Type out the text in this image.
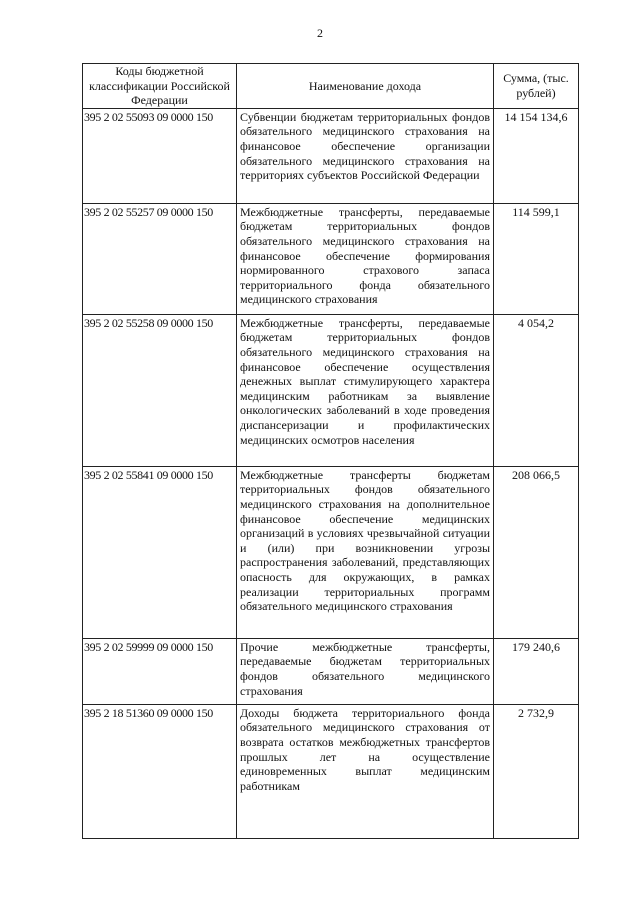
2
Коды бюджетной классификации Российской Федерации	Наименование дохода	Сумма, (тыс. рублей)
395 2 02 55093 09 0000 150	Субвенции бюджетам территориальных фондов обязательного медицинского страхования на финансовое обеспечение организации обязательного медицинского страхования на территориях субъектов Российской Федерации	14 154 134,6
395 2 02 55257 09 0000 150	Межбюджетные трансферты, передаваемые бюджетам территориальных фондов обязательного медицинского страхования на финансовое обеспечение формирования нормированного страхового запаса территориального фонда обязательного медицинского страхования	114 599,1
395 2 02 55258 09 0000 150	Межбюджетные трансферты, передаваемые бюджетам территориальных фондов обязательного медицинского страхования на финансовое обеспечение осуществления денежных выплат стимулирующего характера медицинским работникам за выявление онкологических заболеваний в ходе проведения диспансеризации и профилактических медицинских осмотров населения	4 054,2
395 2 02 55841 09 0000 150	Межбюджетные трансферты бюджетам территориальных фондов обязательного медицинского страхования на дополнительное финансовое обеспечение медицинских организаций в условиях чрезвычайной ситуации и (или) при возникновении угрозы распространения заболеваний, представляющих опасность для окружающих, в рамках реализации территориальных программ обязательного медицинского страхования	208 066,5
395 2 02 59999 09 0000 150	Прочие межбюджетные трансферты, передаваемые бюджетам территориальных фондов обязательного медицинского страхования	179 240,6
395 2 18 51360 09 0000 150	Доходы бюджета территориального фонда обязательного медицинского страхования от возврата остатков межбюджетных трансфертов прошлых лет на осуществление единовременных выплат медицинским работникам	2 732,9
